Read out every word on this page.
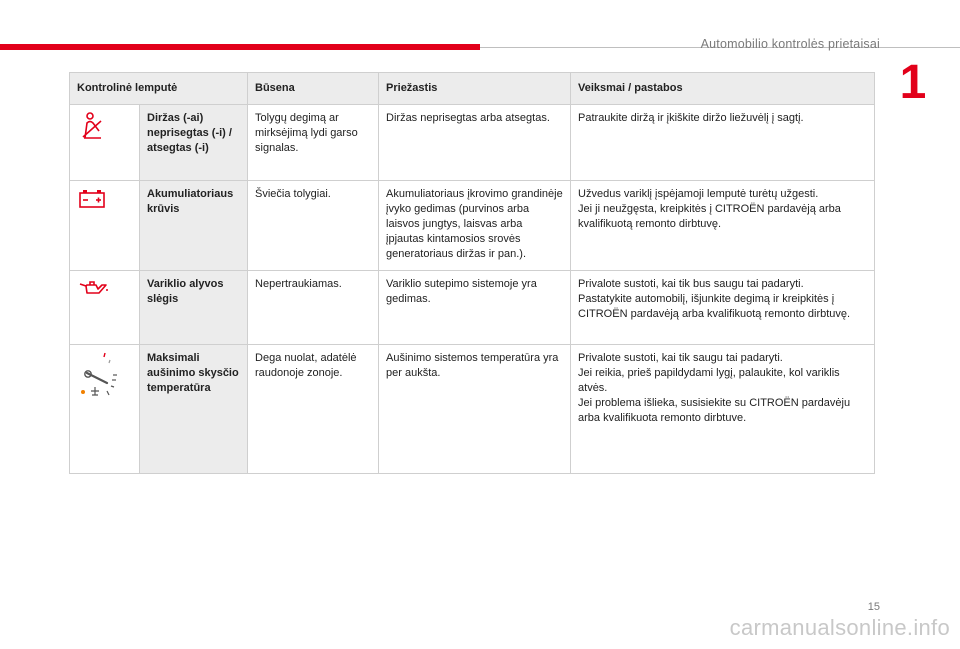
Automobilio kontrolės prietaisai
1
Kontrolinė lemputė		Būsena	Priežastis	Veiksmai / pastabos
	Diržas (-ai) neprisegtas (-i) / atsegtas (-i)	Tolygų degimą ar mirksėjimą lydi garso signalas.	Diržas neprisegtas arba atsegtas.	Patraukite diržą ir įkiškite diržo liežuvėlį į sagtį.
	Akumuliatoriaus krūvis	Šviečia tolygiai.	Akumuliatoriaus įkrovimo grandinėje įvyko gedimas (purvinos arba laisvos jungtys, laisvas arba įpjautas kintamosios srovės generatoriaus diržas ir pan.).	Užvedus variklį įspėjamoji lemputė turėtų užgesti.
Jei ji neužgęsta, kreipkitės į CITROËN pardavėją arba kvalifikuotą remonto dirbtuvę.
	Variklio alyvos slėgis	Nepertraukiamas.	Variklio sutepimo sistemoje yra gedimas.	Privalote sustoti, kai tik bus saugu tai padaryti.
Pastatykite automobilį, išjunkite degimą ir kreipkitės į CITROËN pardavėją arba kvalifikuotą remonto dirbtuvę.
	Maksimali aušinimo skysčio temperatūra	Dega nuolat, adatėlė raudonoje zonoje.	Aušinimo sistemos temperatūra yra per aukšta.	Privalote sustoti, kai tik saugu tai padaryti.
Jei reikia, prieš papildydami lygį, palaukite, kol variklis atvės.
Jei problema išlieka, susisiekite su CITROËN pardavėju arba kvalifikuota remonto dirbtuve.
15
carmanualsonline.info
